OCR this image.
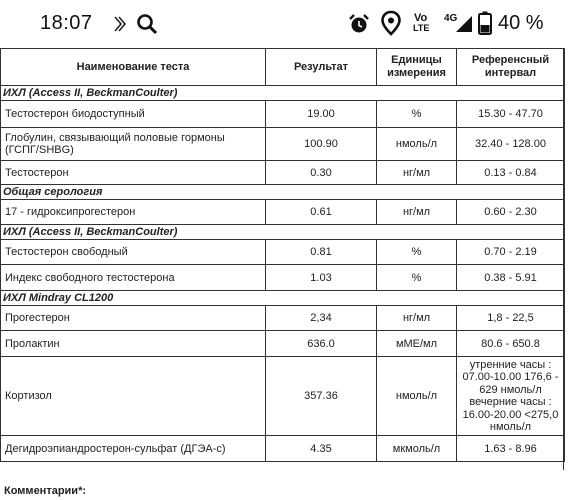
18:07	Vo
LTE
4G 40 %
Наименование теста	Результат	Единицы измерения	Референсный интервал
ИХЛ (Access II, BeckmanCoulter)			
Тестостерон биодоступный	19.00	%	15.30 - 47.70
Глобулин, связывающий половые гормоны (ГСПГ/SHBG)	100.90	нмоль/л	32.40 - 128.00
Тестостерон	0.30	нг/мл	0.13 - 0.84
Общая серология			
17 - гидроксипрогестерон	0.61	нг/мл	0.60 - 2.30
ИХЛ (Access II, BeckmanCoulter)			
Тестостерон свободный	0.81	%	0.70 - 2.19
Индекс свободного тестостерона	1.03	%	0.38 - 5.91
ИХЛ Mindray CL1200			
Прогестерон	2,34	нг/мл	1,8 - 22,5
Пролактин	636.0	мМЕ/мл	80.6 - 650.8
Кортизол	357.36	нмоль/л	утренние часы : 07.00-10.00 176,6 - 629 нмоль/л вечерние часы : 16.00-20.00 <275,0 нмоль/л
Дегидроэпиандростерон-сульфат (ДГЭА-с)	4.35	мкмоль/л	1.63 - 8.96
Комментарии*:
